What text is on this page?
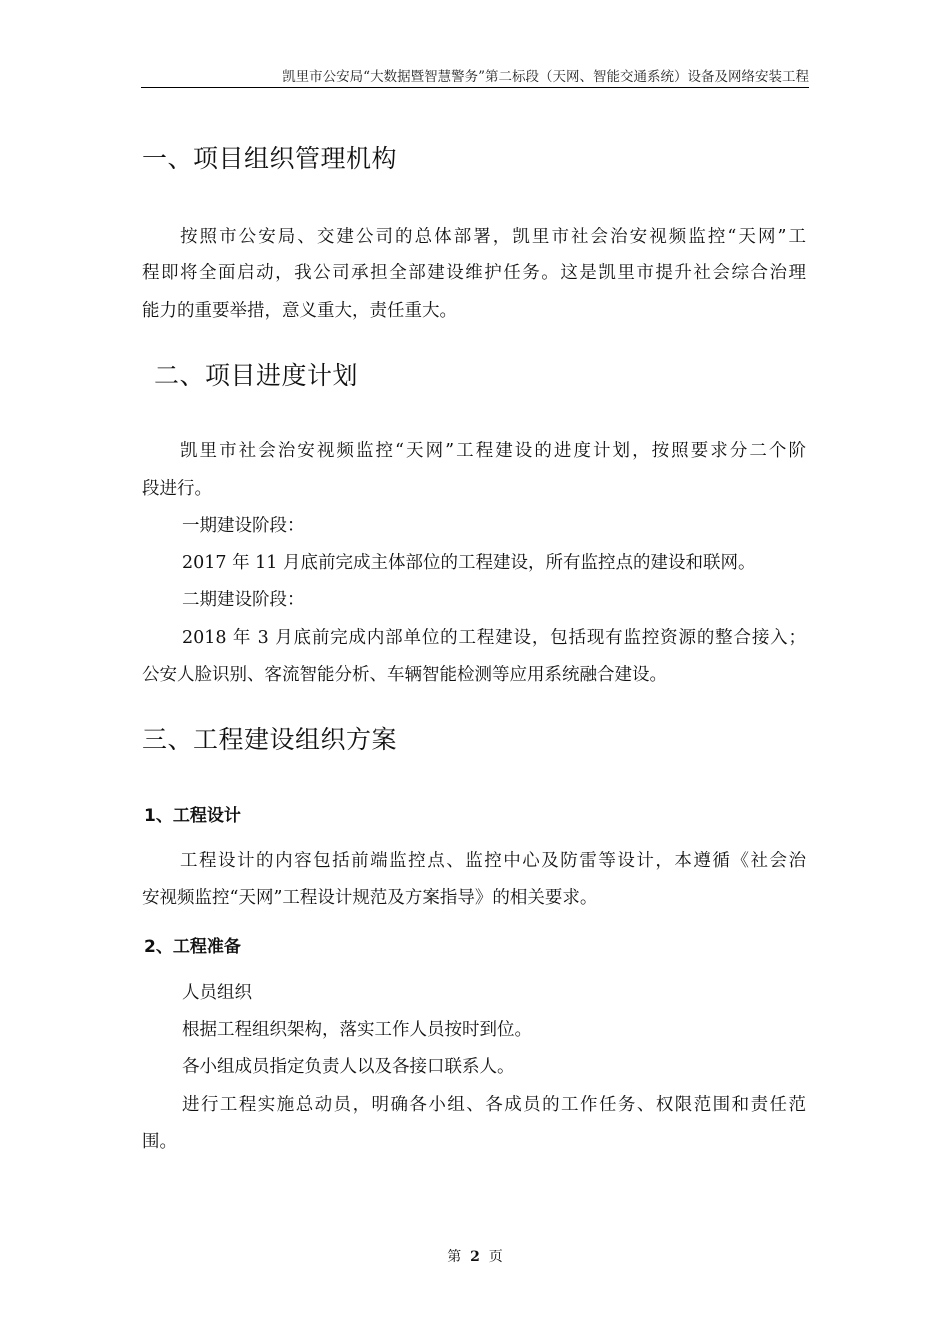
凯里市公安局“大数据暨智慧警务”第二标段（天网、智能交通系统）设备及网络安装工程
一、项目组织管理机构
按照市公安局、交建公司的总体部署，凯里市社会治安视频监控“天网”工
程即将全面启动，我公司承担全部建设维护任务。这是凯里市提升社会综合治理
能力的重要举措，意义重大，责任重大。
二、项目进度计划
凯里市社会治安视频监控“天网”工程建设的进度计划，按照要求分二个阶
段进行。
一期建设阶段：
2017 年 11 月底前完成主体部位的工程建设，所有监控点的建设和联网。
二期建设阶段：
2018 年 3 月底前完成内部单位的工程建设，包括现有监控资源的整合接入；
公安人脸识别、客流智能分析、车辆智能检测等应用系统融合建设。
三、工程建设组织方案
1、工程设计
工程设计的内容包括前端监控点、监控中心及防雷等设计，本遵循《社会治
安视频监控“天网”工程设计规范及方案指导》的相关要求。
2、工程准备
人员组织
根据工程组织架构，落实工作人员按时到位。
各小组成员指定负责人以及各接口联系人。
进行工程实施总动员，明确各小组、各成员的工作任务、权限范围和责任范
围。
第 2 页
